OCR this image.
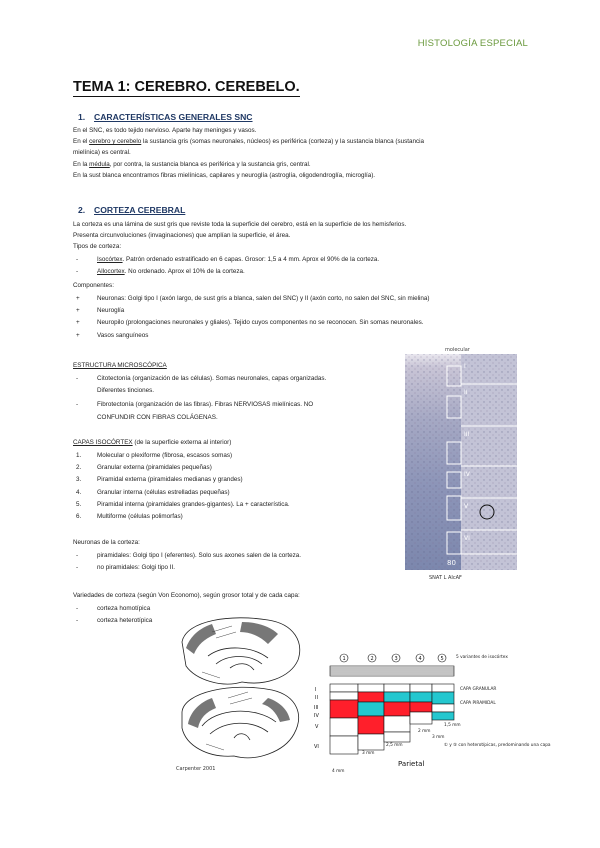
HISTOLOGÍA ESPECIAL
TEMA 1: CEREBRO. CEREBELO.
1. CARACTERÍSTICAS GENERALES SNC
En el SNC, es todo tejido nervioso. Aparte hay meninges y vasos.
En el cerebro y cerebelo la sustancia gris (somas neuronales, núcleos) es periférica (corteza) y la sustancia blanca (sustancia
mielínica) es central.
En la médula, por contra, la sustancia blanca es periférica y la sustancia gris, central.
En la sust blanca encontramos fibras mielínicas, capilares y neuroglía (astroglía, oligodendroglía, microglía).
2. CORTEZA CEREBRAL
La corteza es una lámina de sust gris que reviste toda la superficie del cerebro, está en la superficie de los hemisferios.
Presenta circunvoluciones (invaginaciones) que amplían la superficie, el área.
Tipos de corteza:
-	Isocórtex. Patrón ordenado estratificado en 6 capas. Grosor: 1,5 a 4 mm. Aprox el 90% de la corteza.
-	Allocortex. No ordenado. Aprox el 10% de la corteza.
Componentes:
+	Neuronas: Golgi tipo I (axón largo, de sust gris a blanca, salen del SNC) y II (axón corto, no salen del SNC, sin mielina)
+	Neuroglía
+	Neuropilo (prolongaciones neuronales y gliales). Tejido cuyos componentes no se reconocen. Sin somas neuronales.
+	Vasos sanguíneos
ESTRUCTURA MICROSCÓPICA
-	Citotectonía (organización de las células). Somas neuronales, capas organizadas.
Diferentes tinciones.
-	Fibrotectonía (organización de las fibras). Fibras NERVIOSAS mielínicas. NO
CONFUNDIR CON FIBRAS COLÁGENAS.
CAPAS ISOCÓRTEX (de la superficie externa al interior)
1. Molecular o plexiforme (fibrosa, escasos somas)
2. Granular externa (piramidales pequeñas)
3. Piramidal externa (piramidales medianas y grandes)
4. Granular interna (células estrelladas pequeñas)
5. Piramidal interna (piramidales grandes-gigantes). La + característica.
6. Multiforme (células polimorfas)
Neuronas de la corteza:
-	piramidales: Golgi tipo I (eferentes). Solo sus axones salen de la corteza.
-	no piramidales: Golgi tipo II.
Variedades de corteza (según Von Economo), según grosor total y de cada capa:
-	corteza homotípica
-	corteza heterotípica
I
II
III
IV
V
VI
molecular
80
SNAT L AIcAF
Carpenter 2001
1	2	3	4	5
I
II
III
IV
V
VI
5 variantes de isocórtex
CAPA GRANULAR
CAPA PIRAMIDAL
1,5 mm
2 mm
2,5 mm
3 mm
4 mm
3 mm
① y ⑤ con heterotípicas, predominando una capa
Parietal
